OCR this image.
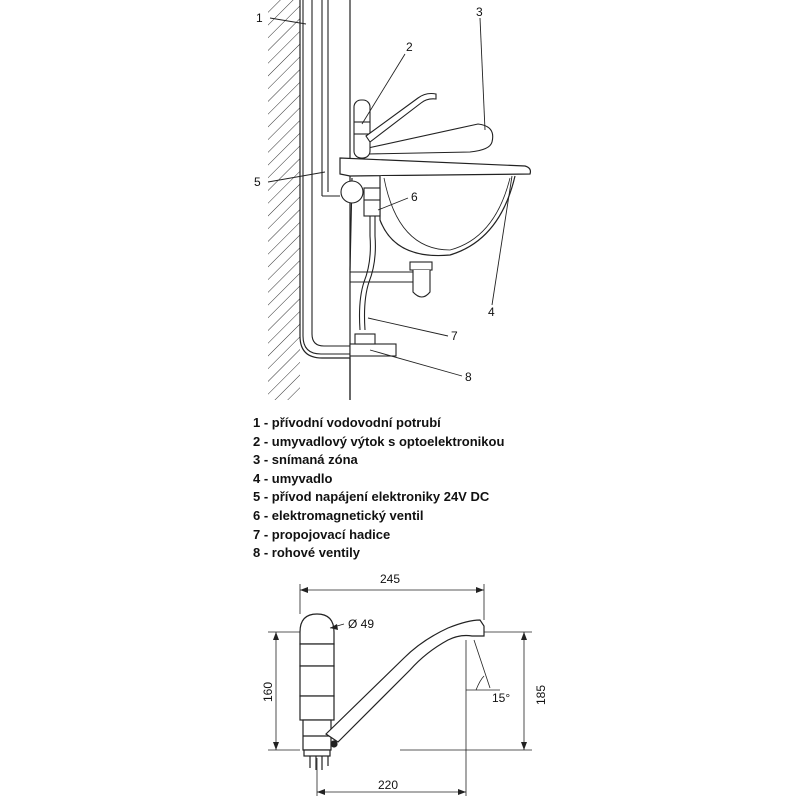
1
2
3
4
5
6
7
8
245
Ø 49
160	185
15°
220
1 - přívodní vodovodní potrubí
2 - umyvadlový výtok s optoelektronikou
3 - snímaná zóna
4 - umyvadlo
5 - přívod napájení elektroniky 24V DC
6 - elektromagnetický ventil
7 - propojovací hadice
8 - rohové ventily
